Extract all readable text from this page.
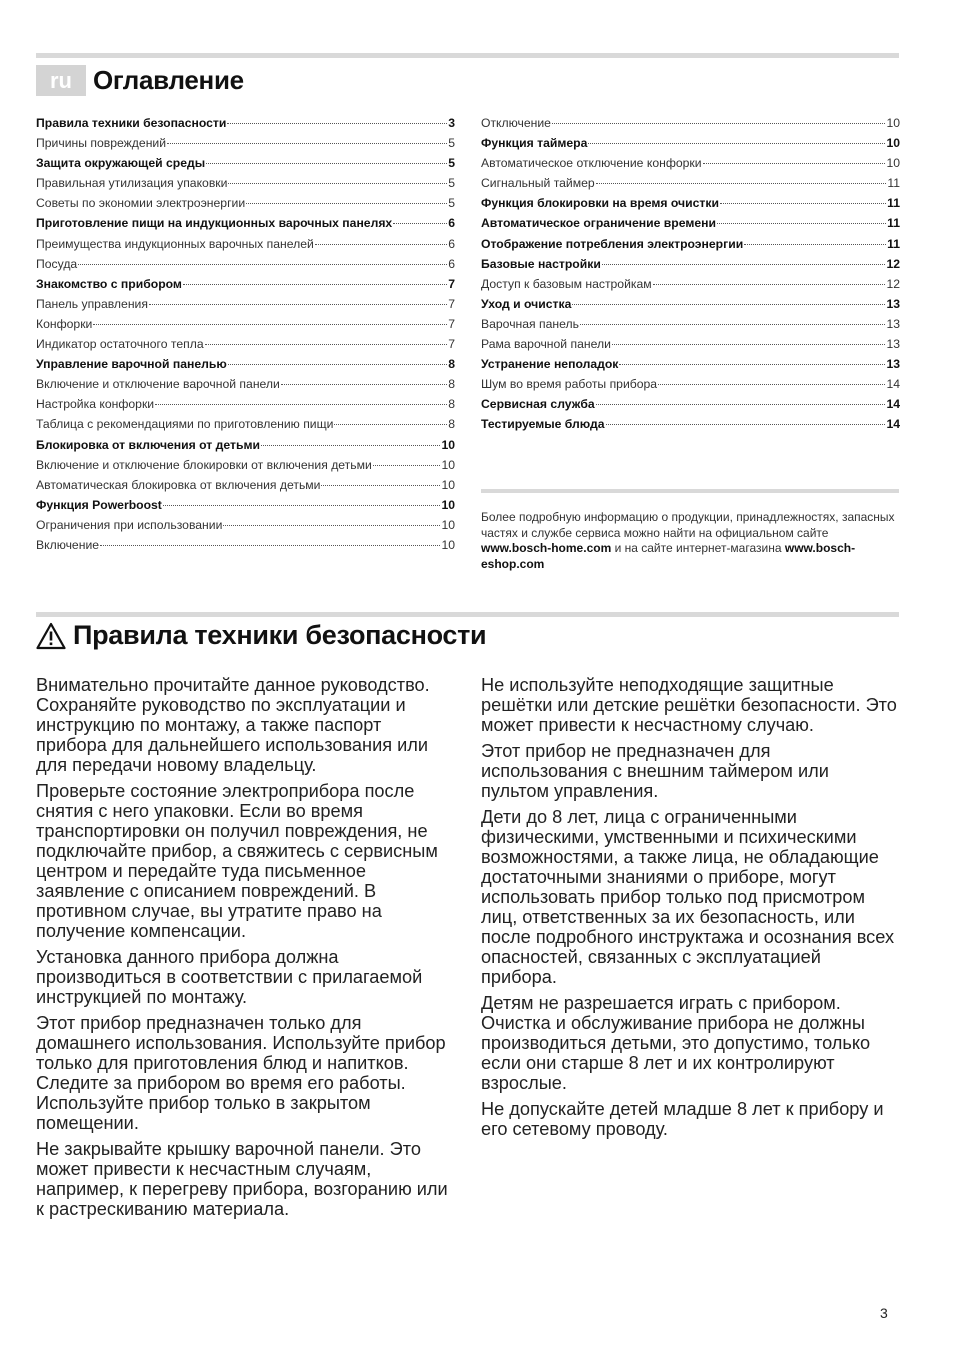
ru Оглавление
Правила техники безопасности	3
Причины повреждений	5
Защита окружающей среды	5
Правильная утилизация упаковки	5
Советы по экономии электроэнергии	5
Приготовление пищи на индукционных варочных панелях	6
Преимущества индукционных варочных панелей	6
Посуда	6
Знакомство с прибором	7
Панель управления	7
Конфорки	7
Индикатор остаточного тепла	7
Управление варочной панелью	8
Включение и отключение варочной панели	8
Настройка конфорки	8
Таблица с рекомендациями по приготовлению пищи	8
Блокировка от включения от детьми	10
Включение и отключение блокировки от включения детьми	10
Автоматическая блокировка от включения детьми	10
Функция Powerboost	10
Ограничения при использовании	10
Включение	10
Отключение	10
Функция таймера	10
Автоматическое отключение конфорки	10
Сигнальный таймер	11
Функция блокировки на время очистки	11
Автоматическое ограничение времени	11
Отображение потребления электроэнергии	11
Базовые настройки	12
Доступ к базовым настройкам	12
Уход и очистка	13
Варочная панель	13
Рама варочной панели	13
Устранение неполадок	13
Шум во время работы прибора	14
Сервисная служба	14
Тестируемые блюда	14
Более подробную информацию о продукции, принадлежностях, запасных частях и службе сервиса можно найти на официальном сайте www.bosch-home.com и на сайте интернет-магазина www.bosch-eshop.com
Правила техники безопасности

Внимательно прочитайте данное руководство. Сохраняйте руководство по эксплуатации и инструкцию по монтажу, а также паспорт прибора для дальнейшего использования или для передачи новому владельцу.

Проверьте состояние электроприбора после снятия с него упаковки. Если во время транспортировки он получил повреждения, не подключайте прибор, а свяжитесь с сервисным центром и передайте туда письменное заявление с описанием повреждений. В противном случае, вы утратите право на получение компенсации.

Установка данного прибора должна производиться в соответствии с прилагаемой инструкцией по монтажу.

Этот прибор предназначен только для домашнего использования. Используйте прибор только для приготовления блюд и напитков. Следите за прибором во время его работы. Используйте прибор только в закрытом помещении.

Не закрывайте крышку варочной панели. Это может привести к несчастным случаям, например, к перегреву прибора, возгоранию или к растрескиванию материала.

Не используйте неподходящие защитные решётки или детские решётки безопасности. Это может привести к несчастному случаю.

Этот прибор не предназначен для использования с внешним таймером или пультом управления.

Дети до 8 лет, лица с ограниченными физическими, умственными и психическими возможностями, а также лица, не обладающие достаточными знаниями о приборе, могут использовать прибор только под присмотром лиц, ответственных за их безопасность, или после подробного инструктажа и осознания всех опасностей, связанных с эксплуатацией прибора.

Детям не разрешается играть с прибором. Очистка и обслуживание прибора не должны производиться детьми, это допустимо, только если они старше 8 лет и их контролируют взрослые.

Не допускайте детей младше 8 лет к прибору и его сетевому проводу.

3
